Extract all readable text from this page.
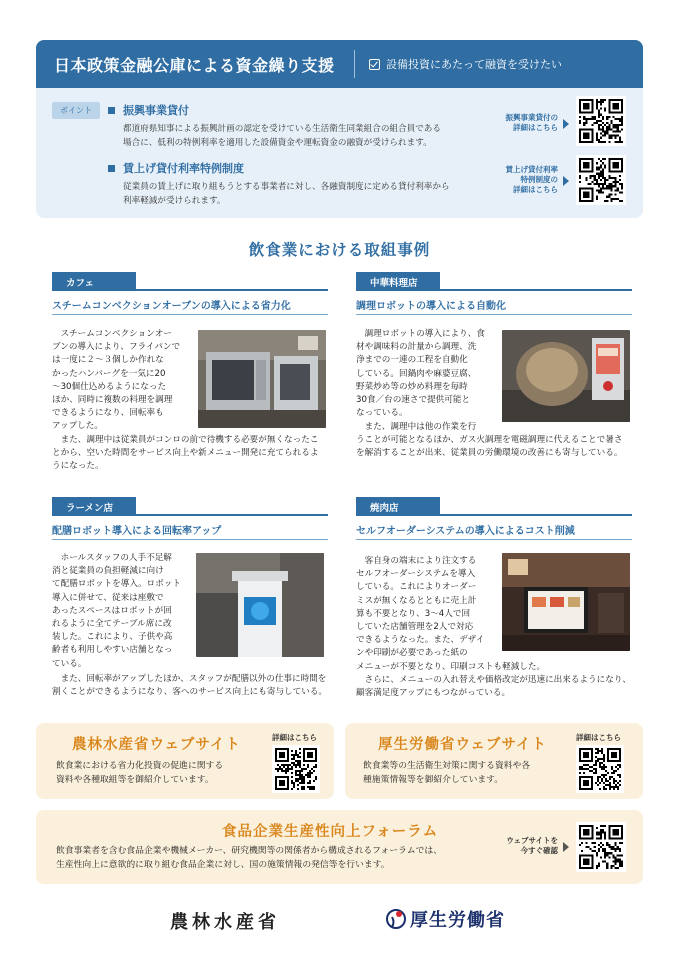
日本政策金融公庫による資金繰り支援	設備投資にあたって融資を受けたい
ポイント	振興事業貸付
都道府県知事による振興計画の認定を受けている生活衛生同業組合の組合員である
場合に、低利の特例利率を適用した設備資金や運転資金の融資が受けられます。
賃上げ貸付利率特例制度
従業員の賃上げに取り組もうとする事業者に対し、各融資制度に定める貸付利率から
利率軽減が受けられます。
振興事業貸付の
詳細はこちら
賃上げ貸付利率
特例制度の
詳細はこちら
飲食業における取組事例
カフェ
スチームコンベクションオーブンの導入による省力化
　スチームコンベクションオー
ブンの導入により、フライパンで
は一度に２～３個しか作れな
かったハンバーグを一気に20
～30個仕込めるようになった
ほか、同時に複数の料理を調理
できるようになり、回転率も
アップした。
　また、調理中は従業員がコンロの前で待機する必要が無くなったこ
とから、空いた時間をサービス向上や新メニュー開発に充てられるよ
うになった。
中華料理店
調理ロボットの導入による自動化
　調理ロボットの導入により、食
材や調味料の計量から調理、洗
浄までの一連の工程を自動化
している。回鍋肉や麻婆豆腐、
野菜炒め等の炒め料理を毎時
30食／台の速さで提供可能と
なっている。
　また、調理中は他の作業を行
うことが可能となるほか、ガス火調理を電磁調理に代えることで暑さ
を解消することが出来、従業員の労働環境の改善にも寄与している。
ラーメン店
配膳ロボット導入による回転率アップ
　ホールスタッフの人手不足解
消と従業員の負担軽減に向け
て配膳ロボットを導入。ロボット
導入に併せて、従来は座敷で
あったスペースはロボットが回
れるように全てテーブル席に改
装した。これにより、子供や高
齢者も利用しやすい店舗となっ
ている。
　また、回転率がアップしたほか、スタッフが配膳以外の仕事に時間を
割くことができるようになり、客へのサービス向上にも寄与している。
焼肉店
セルフオーダーシステムの導入によるコスト削減
　客自身の端末により注文する
セルフオーダーシステムを導入
している。これによりオーダー
ミスが無くなるとともに売上計
算も不要となり、3～4人で回
していた店舗管理を2人で対応
できるようなった。また、デザイ
ンや印刷が必要であった紙の
メニューが不要となり、印刷コストも軽減した。
　さらに、メニューの入れ替えや価格改定が迅速に出来るようになり、
顧客満足度アップにもつながっている。
農林水産省ウェブサイト
飲食業における省力化投資の促進に関する
資料や各種取組等を御紹介しています。
詳細はこちら	厚生労働省ウェブサイト
飲食業等の生活衛生対策に関する資料や各
種施策情報等を御紹介しています。
詳細はこちら
食品企業生産性向上フォーラム
飲食事業者を含む食品企業や機械メーカー、研究機関等の関係者から構成されるフォーラムでは、
生産性向上に意欲的に取り組む食品企業に対し、国の施策情報の発信等を行います。
ウェブサイトを
今すぐ確認
農林水産省	厚生労働省
